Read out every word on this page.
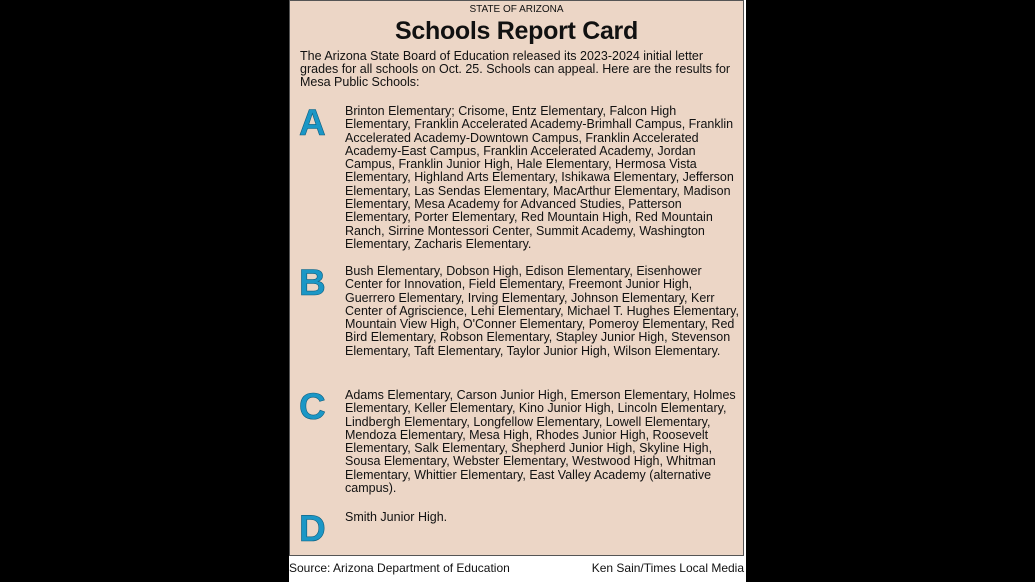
STATE OF ARIZONA
Schools Report Card
The Arizona State Board of Education released its 2023-2024 initial letter grades for all schools on Oct. 25. Schools can appeal. Here are the results for Mesa Public Schools:
A	Brinton Elementary; Crisome, Entz Elementary, Falcon High Elementary, Franklin Accelerated Academy-Brimhall Campus, Franklin Accelerated Academy-Downtown Campus, Franklin Accelerated Academy-East Campus, Franklin Accelerated Academy, Jordan Campus, Franklin Junior High, Hale Elementary, Hermosa Vista Elementary, Highland Arts Elementary, Ishikawa Elementary, Jefferson Elementary, Las Sendas Elementary, MacArthur Elementary, Madison Elementary, Mesa Academy for Advanced Studies, Patterson Elementary, Porter Elementary, Red Mountain High, Red Mountain Ranch, Sirrine Montessori Center, Summit Academy, Washington Elementary, Zacharis Elementary.
B	Bush Elementary, Dobson High, Edison Elementary, Eisenhower Center for Innovation, Field Elementary, Freemont Junior High, Guerrero Elementary, Irving Elementary, Johnson Elementary, Kerr Center of Agriscience, Lehi Elementary, Michael T. Hughes Elementary, Mountain View High, O'Conner Elementary, Pomeroy Elementary, Red Bird Elementary, Robson Elementary, Stapley Junior High, Stevenson Elementary, Taft Elementary, Taylor Junior High, Wilson Elementary.
C	Adams Elementary, Carson Junior High, Emerson Elementary, Holmes Elementary, Keller Elementary, Kino Junior High, Lincoln Elementary, Lindbergh Elementary, Longfellow Elementary, Lowell Elementary, Mendoza Elementary, Mesa High, Rhodes Junior High, Roosevelt Elementary, Salk Elementary, Shepherd Junior High, Skyline High, Sousa Elementary, Webster Elementary, Westwood High, Whitman Elementary, Whittier Elementary, East Valley Academy (alternative campus).
D	Smith Junior High.
Source: Arizona Department of Education	Ken Sain/Times Local Media
